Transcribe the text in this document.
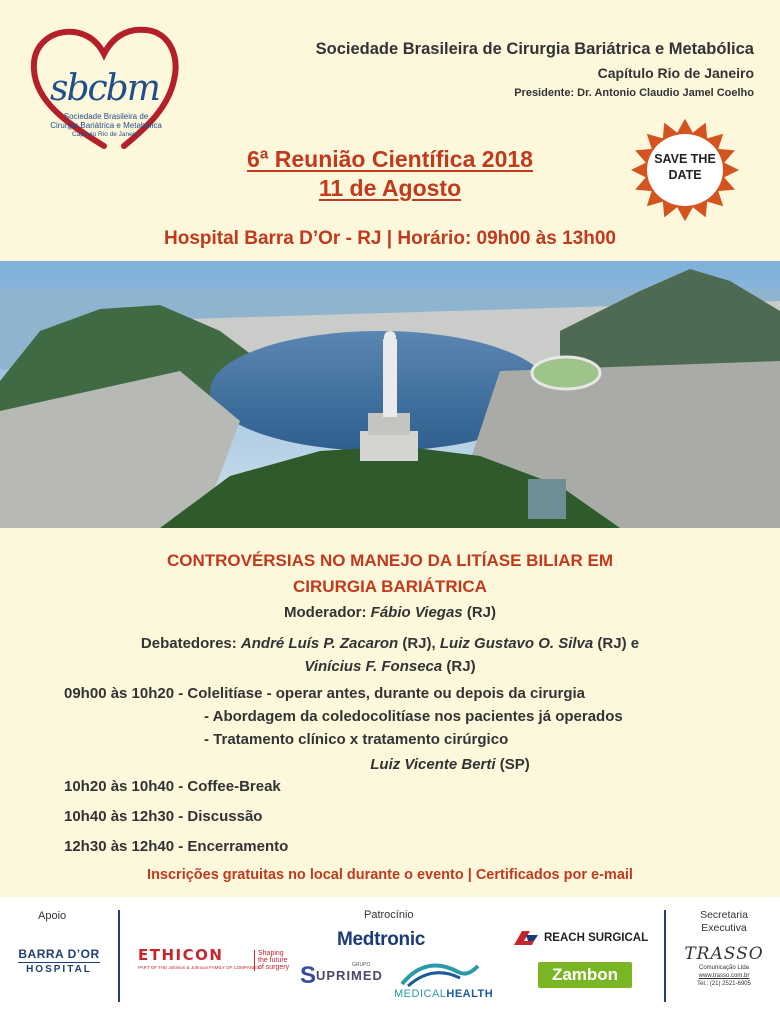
sbcbm
Sociedade Brasileira de
Cirurgia Bariátrica e Metabólica
Capítulo Rio de Janeiro
Sociedade Brasileira de Cirurgia Bariátrica e Metabólica
Capítulo Rio de Janeiro
Presidente: Dr. Antonio Claudio Jamel Coelho
6ª Reunião Científica 2018
11 de Agosto
Hospital Barra D’Or - RJ | Horário: 09h00 às 13h00
SAVE THE
DATE
CONTROVÉRSIAS NO MANEJO DA LITÍASE BILIAR EM
CIRURGIA BARIÁTRICA
Moderador: Fábio Viegas (RJ)
Debatedores: André Luís P. Zacaron (RJ), Luiz Gustavo O. Silva (RJ) e
Vinícius F. Fonseca (RJ)
09h00 às 10h20 - Colelitíase - operar antes, durante ou depois da cirurgia
- Abordagem da coledocolitíase nos pacientes já operados
- Tratamento clínico x tratamento cirúrgico
Luiz Vicente Berti (SP)
10h20 às 10h40 - Coffee-Break
10h40 às 12h30 - Discussão
12h30 às 12h40 - Encerramento
Inscrições gratuitas no local durante o evento | Certificados por e-mail
Apoio	Patrocínio
BARRA D’OR
HOSPITAL
ETHICON
PART OF THE Johnson & Johnson FAMILY OF COMPANIES
Shaping
the future
of surgery
Medtronic	REACH SURGICAL
S	GRUPO
UPRIMED
MEDICALHEALTH
Zambon
Secretaria
Executiva
TRASSO
Comunicação Ltda
www.trasso.com.br
Tel.: (21) 2521-6905
